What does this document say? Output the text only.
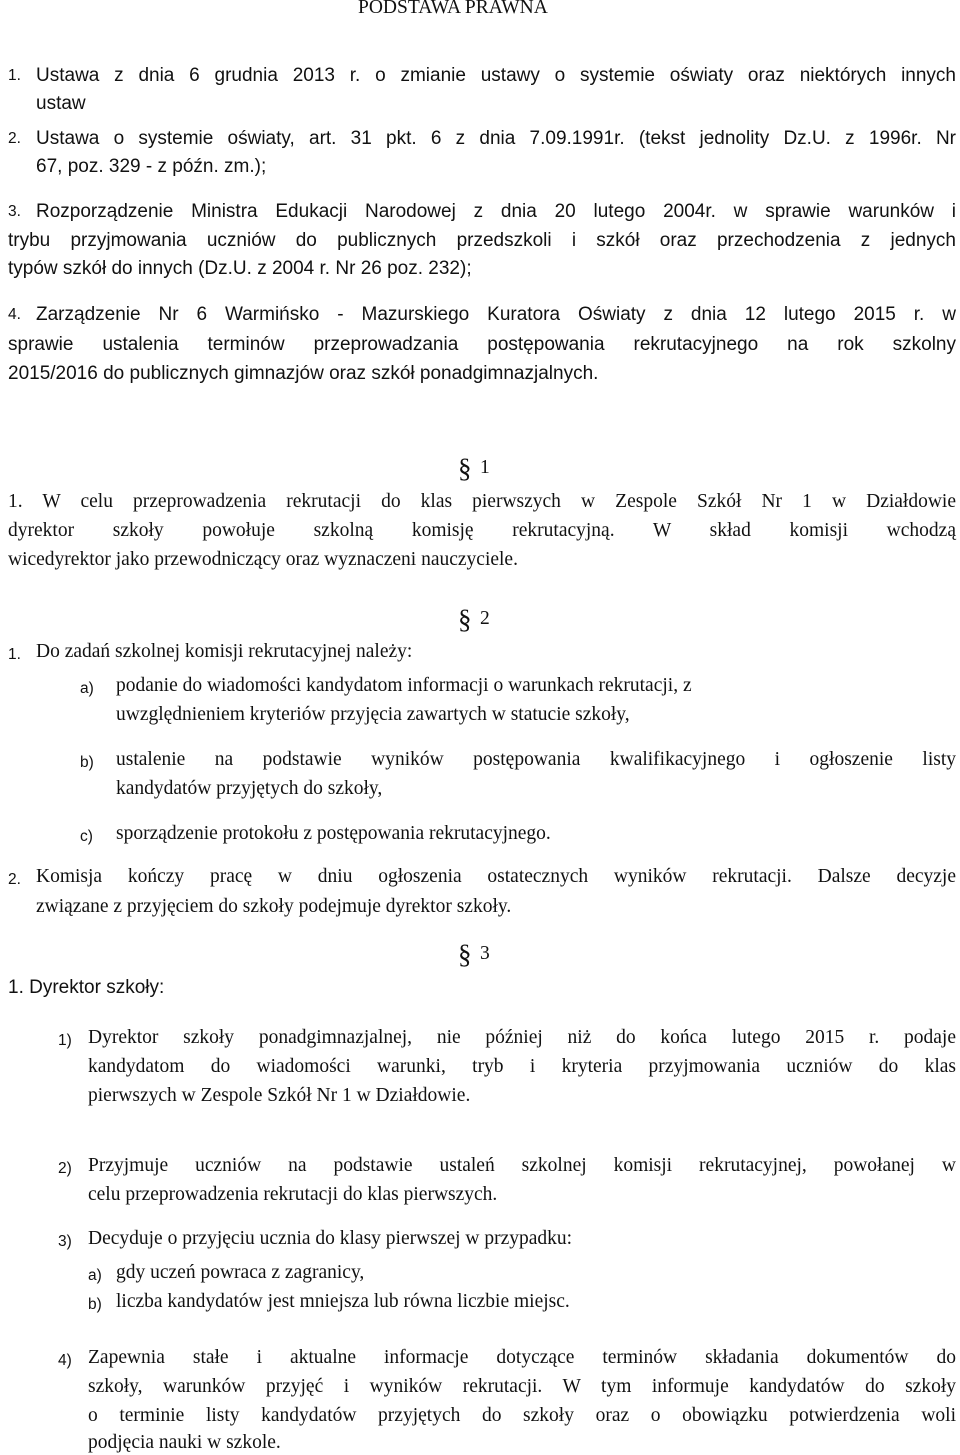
PODSTAWA PRAWNA
1. Ustawa z dnia 6 grudnia 2013 r. o zmianie ustawy o systemie oświaty oraz niektórych innych
ustaw
2. Ustawa o systemie oświaty, art. 31 pkt. 6 z dnia 7.09.1991r. (tekst jednolity Dz.U. z 1996r. Nr
67, poz. 329 - z późn. zm.);
3. Rozporządzenie Ministra Edukacji Narodowej z dnia 20 lutego 2004r. w sprawie warunków i
trybu przyjmowania uczniów do publicznych przedszkoli i szkół oraz przechodzenia z jednych
typów szkół do innych (Dz.U. z 2004 r. Nr 26 poz. 232);
4. Zarządzenie Nr 6 Warmińsko - Mazurskiego Kuratora Oświaty z dnia 12 lutego 2015 r. w
sprawie ustalenia terminów przeprowadzania postępowania rekrutacyjnego na rok szkolny
2015/2016 do publicznych gimnazjów oraz szkół ponadgimnazjalnych.
§ 1
1. W celu przeprowadzenia rekrutacji do klas pierwszych w Zespole Szkół Nr 1 w Działdowie
dyrektor szkoły powołuje szkolną komisję rekrutacyjną. W skład komisji wchodzą
wicedyrektor jako przewodniczący oraz wyznaczeni nauczyciele.
§ 2
1. Do zadań szkolnej komisji rekrutacyjnej należy:
a) podanie do wiadomości kandydatom informacji o warunkach rekrutacji, z
uwzględnieniem kryteriów przyjęcia zawartych w statucie szkoły,
b) ustalenie na podstawie wyników postępowania kwalifikacyjnego i ogłoszenie listy
kandydatów przyjętych do szkoły,
c) sporządzenie protokołu z postępowania rekrutacyjnego.
2. Komisja kończy pracę w dniu ogłoszenia ostatecznych wyników rekrutacji. Dalsze decyzje
związane z przyjęciem do szkoły podejmuje dyrektor szkoły.
§ 3
1. Dyrektor szkoły:
1) Dyrektor szkoły ponadgimnazjalnej, nie później niż do końca lutego 2015 r. podaje
kandydatom do wiadomości warunki, tryb i kryteria przyjmowania uczniów do klas
pierwszych w Zespole Szkół Nr 1 w Działdowie.
2) Przyjmuje uczniów na podstawie ustaleń szkolnej komisji rekrutacyjnej, powołanej w
celu przeprowadzenia rekrutacji do klas pierwszych.
3) Decyduje o przyjęciu ucznia do klasy pierwszej w przypadku:
a) gdy uczeń powraca z zagranicy,
b) liczba kandydatów jest mniejsza lub równa liczbie miejsc.
4) Zapewnia stałe i aktualne informacje dotyczące terminów składania dokumentów do
szkoły, warunków przyjęć i wyników rekrutacji. W tym informuje kandydatów do szkoły
o terminie listy kandydatów przyjętych do szkoły oraz o obowiązku potwierdzenia woli
podjęcia nauki w szkole.
